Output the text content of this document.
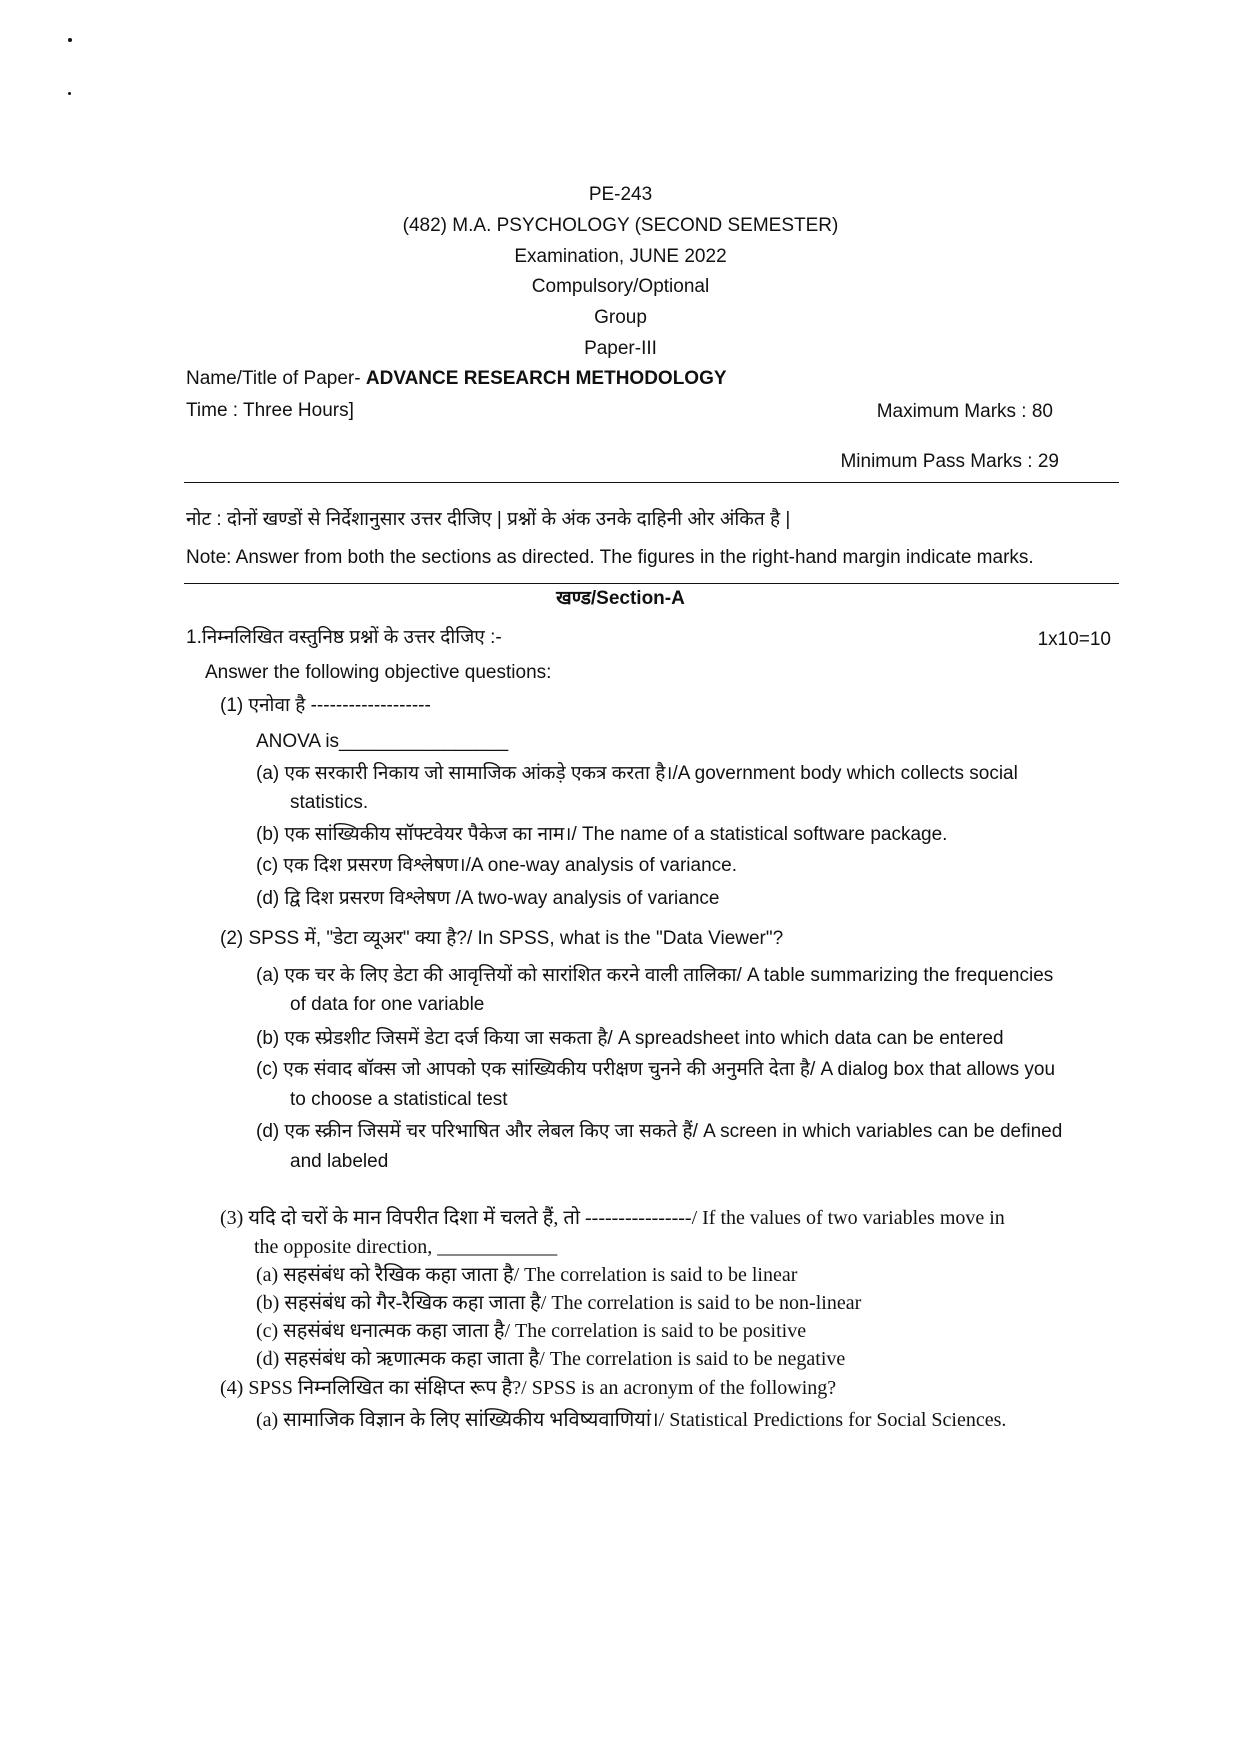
PE-243
(482) M.A. PSYCHOLOGY (SECOND SEMESTER)
Examination, JUNE 2022
Compulsory/Optional
Group
Paper-III
Name/Title of Paper- ADVANCE RESEARCH METHODOLOGY
Time : Three Hours]	Maximum Marks : 80
Minimum Pass Marks : 29
नोट : दोनों खण्डों से निर्देशानुसार उत्तर दीजिए | प्रश्नों के अंक उनके दाहिनी ओर अंकित है |
Note: Answer from both the sections as directed. The figures in the right-hand margin indicate marks.
खण्ड/Section-A
1.निम्नलिखित वस्तुनिष्ठ प्रश्नों के उत्तर दीजिए :-	1x10=10
Answer the following objective questions:
(1) एनोवा है -------------------
ANOVA is________________
(a) एक सरकारी निकाय जो सामाजिक आंकड़े एकत्र करता है।/A government body which collects social
statistics.
(b) एक सांख्यिकीय सॉफ्टवेयर पैकेज का नाम।/ The name of a statistical software package.
(c) एक दिश प्रसरण विश्लेषण।/A one-way analysis of variance.
(d) द्वि दिश प्रसरण विश्लेषण /A two-way analysis of variance
(2) SPSS में, "डेटा व्यूअर" क्या है?/ In SPSS, what is the "Data Viewer"?
(a) एक चर के लिए डेटा की आवृत्तियों को सारांशित करने वाली तालिका/ A table summarizing the frequencies
of data for one variable
(b) एक स्प्रेडशीट जिसमें डेटा दर्ज किया जा सकता है/ A spreadsheet into which data can be entered
(c) एक संवाद बॉक्स जो आपको एक सांख्यिकीय परीक्षण चुनने की अनुमति देता है/ A dialog box that allows you
to choose a statistical test
(d) एक स्क्रीन जिसमें चर परिभाषित और लेबल किए जा सकते हैं/ A screen in which variables can be defined
and labeled
(3) यदि दो चरों के मान विपरीत दिशा में चलते हैं, तो ----------------/ If the values of two variables move in
the opposite direction, ____________
(a) सहसंबंध को रैखिक कहा जाता है/ The correlation is said to be linear
(b) सहसंबंध को गैर-रैखिक कहा जाता है/ The correlation is said to be non-linear
(c) सहसंबंध धनात्मक कहा जाता है/ The correlation is said to be positive
(d) सहसंबंध को ऋणात्मक कहा जाता है/ The correlation is said to be negative
(4) SPSS निम्नलिखित का संक्षिप्त रूप है?/ SPSS is an acronym of the following?
(a) सामाजिक विज्ञान के लिए सांख्यिकीय भविष्यवाणियां।/ Statistical Predictions for Social Sciences.
